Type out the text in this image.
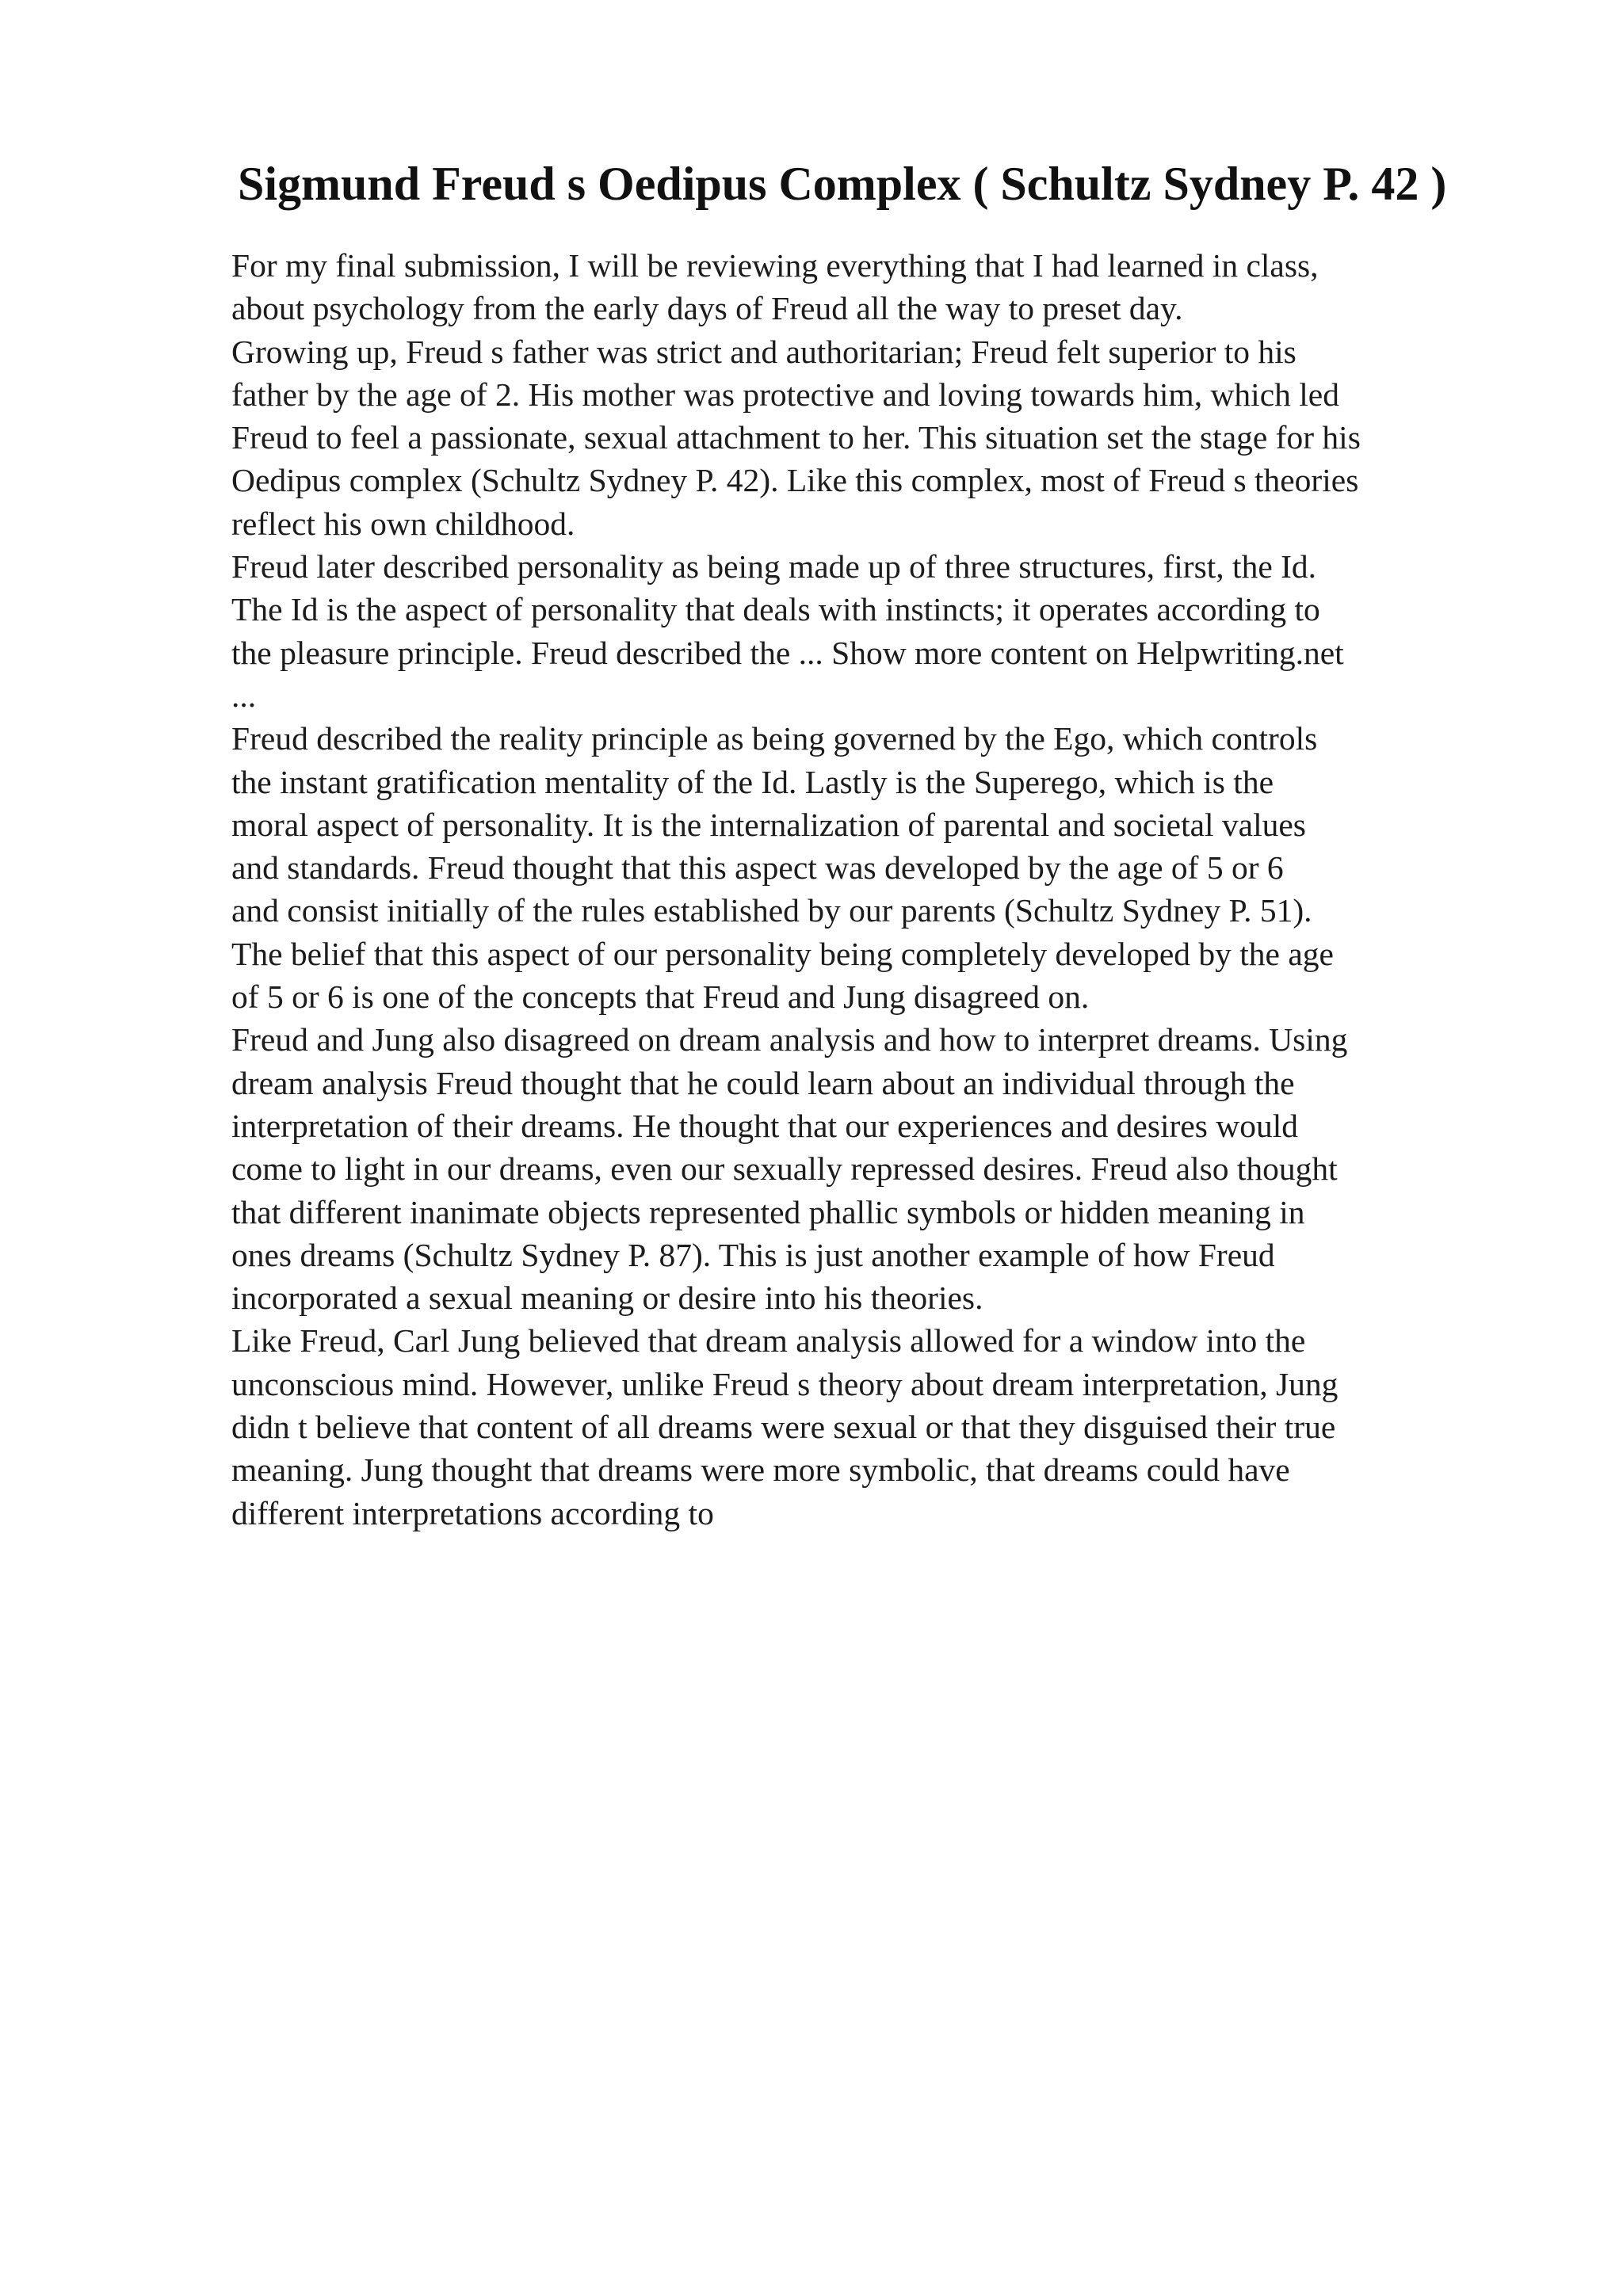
Sigmund Freud s Oedipus Complex ( Schultz Sydney P. 42 )
For my final submission, I will be reviewing everything that I had learned in class,
about psychology from the early days of Freud all the way to preset day.
Growing up, Freud s father was strict and authoritarian; Freud felt superior to his
father by the age of 2. His mother was protective and loving towards him, which led
Freud to feel a passionate, sexual attachment to her. This situation set the stage for his
Oedipus complex (Schultz Sydney P. 42). Like this complex, most of Freud s theories
reflect his own childhood.
Freud later described personality as being made up of three structures, first, the Id.
The Id is the aspect of personality that deals with instincts; it operates according to
the pleasure principle. Freud described the ... Show more content on Helpwriting.net
...
Freud described the reality principle as being governed by the Ego, which controls
the instant gratification mentality of the Id. Lastly is the Superego, which is the
moral aspect of personality. It is the internalization of parental and societal values
and standards. Freud thought that this aspect was developed by the age of 5 or 6
and consist initially of the rules established by our parents (Schultz Sydney P. 51).
The belief that this aspect of our personality being completely developed by the age
of 5 or 6 is one of the concepts that Freud and Jung disagreed on.
Freud and Jung also disagreed on dream analysis and how to interpret dreams. Using
dream analysis Freud thought that he could learn about an individual through the
interpretation of their dreams. He thought that our experiences and desires would
come to light in our dreams, even our sexually repressed desires. Freud also thought
that different inanimate objects represented phallic symbols or hidden meaning in
ones dreams (Schultz Sydney P. 87). This is just another example of how Freud
incorporated a sexual meaning or desire into his theories.
Like Freud, Carl Jung believed that dream analysis allowed for a window into the
unconscious mind. However, unlike Freud s theory about dream interpretation, Jung
didn t believe that content of all dreams were sexual or that they disguised their true
meaning. Jung thought that dreams were more symbolic, that dreams could have
different interpretations according to
